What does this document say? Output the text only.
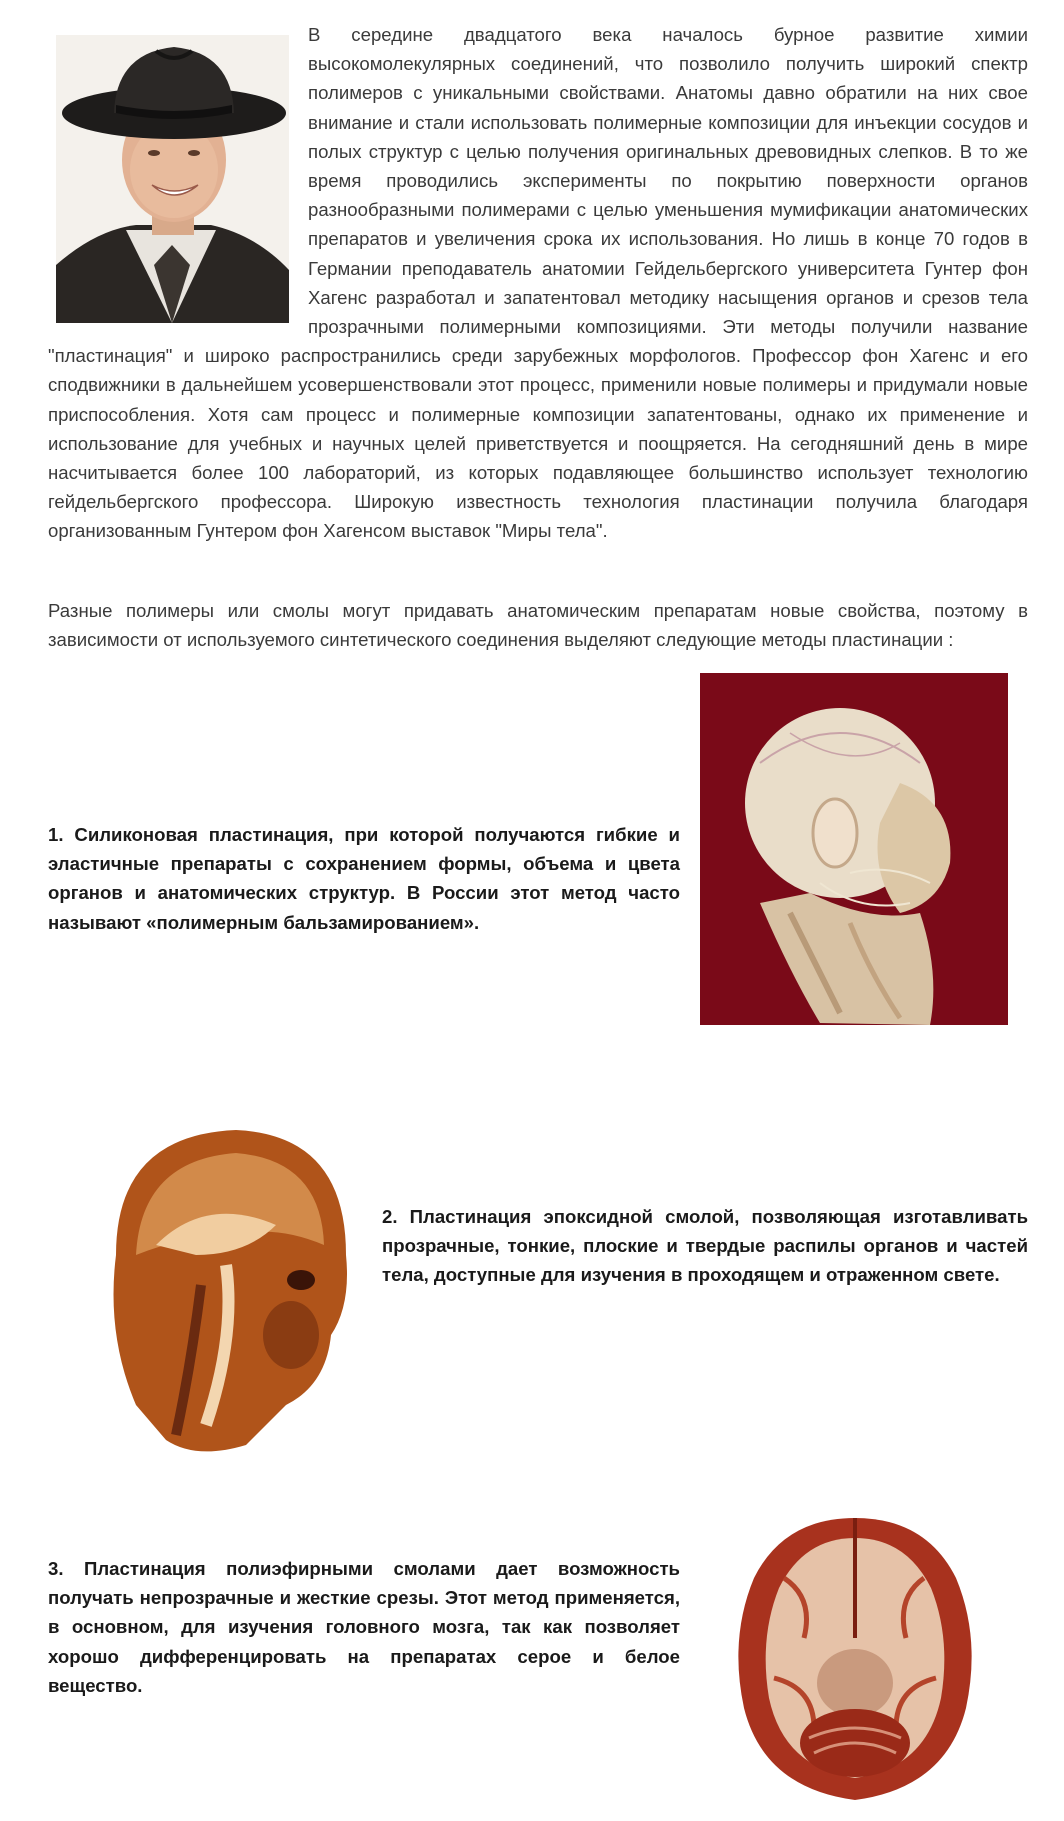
В середине двадцатого века началось бурное развитие химии высокомолекулярных соединений, что позволило получить широкий спектр полимеров с уникальными свойствами. Анатомы давно обратили на них свое внимание и стали использовать полимерные композиции для инъекции сосудов и полых структур с целью получения оригинальных древовидных слепков. В то же время проводились эксперименты по покрытию поверхности органов разнообразными полимерами с целью уменьшения мумификации анатомических препаратов и увеличения срока их использования. Но лишь в конце 70 годов в Германии преподаватель анатомии Гейдельбергского университета Гунтер фон Хагенс разработал и запатентовал методику насыщения органов и срезов тела прозрачными полимерными композициями. Эти методы получили название "пластинация" и широко распространились среди зарубежных морфологов. Профессор фон Хагенс и его сподвижники в дальнейшем усовершенствовали этот процесс, применили новые полимеры и придумали новые приспособления. Хотя сам процесс и полимерные композиции запатентованы, однако их применение и использование для учебных и научных целей приветствуется и поощряется. На сегодняшний день в мире насчитывается более 100 лабораторий, из которых подавляющее большинство использует технологию гейдельбергского профессора. Широкую известность технология пластинации получила благодаря организованным Гунтером фон Хагенсом выставок "Миры тела".

Разные полимеры или смолы могут придавать анатомическим препаратам новые свойства, поэтому в зависимости от используемого синтетического соединения выделяют следующие методы пластинации :

1. Силиконовая пластинация, при которой получаются гибкие и эластичные препараты с сохранением формы, объема и цвета органов и анатомических структур. В России этот метод часто называют «полимерным бальзамированием».

2. Пластинация эпоксидной смолой, позволяющая изготавливать прозрачные, тонкие, плоские и твердые распилы органов и частей тела, доступные для изучения в проходящем и отраженном свете.

3. Пластинация полиэфирными смолами дает возможность получать непрозрачные и жесткие срезы. Этот метод применяется, в основном, для изучения головного мозга, так как позволяет хорошо дифференцировать на препаратах серое и белое вещество.
